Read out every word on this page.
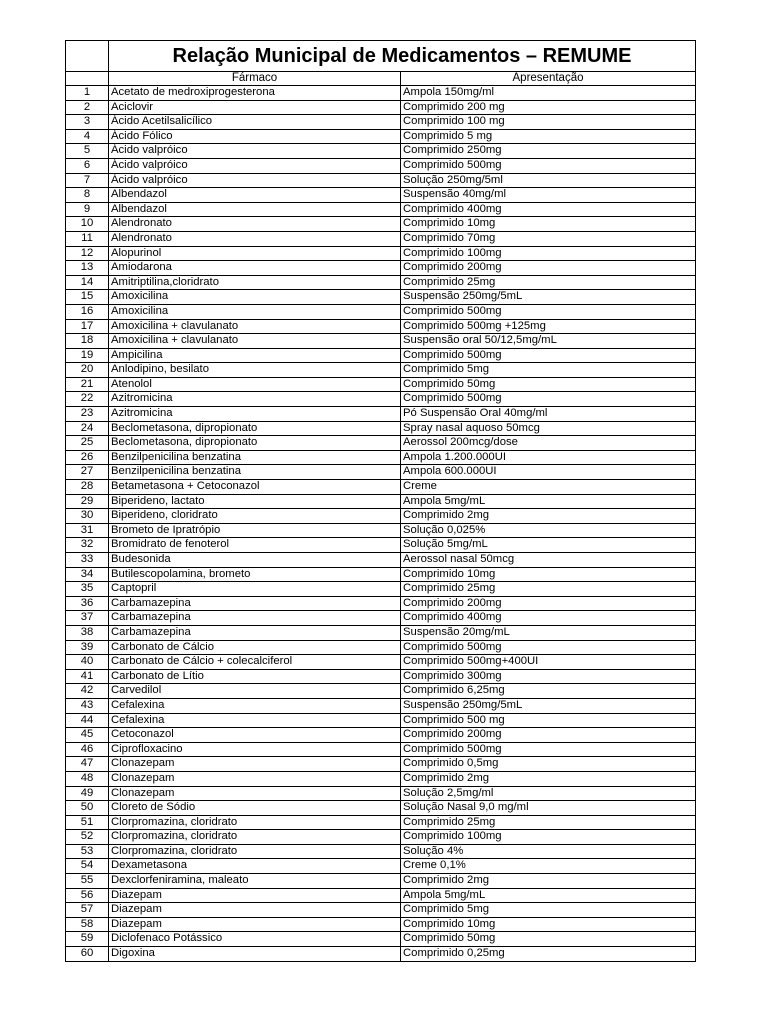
	Relação Municipal de Medicamentos – REMUME	
	Fármaco	Apresentação
1	Acetato de medroxiprogesterona	Ampola 150mg/ml
2	Aciclovir	Comprimido 200 mg
3	Ácido Acetilsalicílico	Comprimido 100 mg
4	Ácido Fólico	Comprimido 5 mg
5	Ácido valpróico	Comprimido 250mg
6	Ácido valpróico	Comprimido 500mg
7	Ácido valpróico	Solução 250mg/5ml
8	Albendazol	Suspensão 40mg/ml
9	Albendazol	Comprimido 400mg
10	Alendronato	Comprimido 10mg
11	Alendronato	Comprimido 70mg
12	Alopurinol	Comprimido 100mg
13	Amiodarona	Comprimido 200mg
14	Amitriptilina,cloridrato	Comprimido 25mg
15	Amoxicilina	Suspensão 250mg/5mL
16	Amoxicilina	Comprimido 500mg
17	Amoxicilina + clavulanato	Comprimido 500mg +125mg
18	Amoxicilina + clavulanato	Suspensão oral 50/12,5mg/mL
19	Ampicilina	Comprimido 500mg
20	Anlodipino, besilato	Comprimido 5mg
21	Atenolol	Comprimido 50mg
22	Azitromicina	Comprimido 500mg
23	Azitromicina	Pó Suspensão Oral 40mg/ml
24	Beclometasona, dipropionato	Spray nasal aquoso 50mcg
25	Beclometasona, dipropionato	Aerossol 200mcg/dose
26	Benzilpenicilina benzatina	Ampola 1.200.000UI
27	Benzilpenicilina benzatina	Ampola 600.000UI
28	Betametasona + Cetoconazol	Creme
29	Biperideno, lactato	Ampola 5mg/mL
30	Biperideno, cloridrato	Comprimido 2mg
31	Brometo de Ipratrópio	Solução 0,025%
32	Bromidrato de fenoterol	Solução 5mg/mL
33	Budesonida	Aerossol nasal 50mcg
34	Butilescopolamina, brometo	Comprimido 10mg
35	Captopril	Comprimido 25mg
36	Carbamazepina	Comprimido 200mg
37	Carbamazepina	Comprimido 400mg
38	Carbamazepina	Suspensão 20mg/mL
39	Carbonato de Cálcio	Comprimido 500mg
40	Carbonato de Cálcio + colecalciferol	Comprimido 500mg+400UI
41	Carbonato de Lítio	Comprimido 300mg
42	Carvedilol	Comprimido 6,25mg
43	Cefalexina	Suspensão 250mg/5mL
44	Cefalexina	Comprimido 500 mg
45	Cetoconazol	Comprimido 200mg
46	Ciprofloxacino	Comprimido 500mg
47	Clonazepam	Comprimido 0,5mg
48	Clonazepam	Comprimido 2mg
49	Clonazepam	Solução 2,5mg/ml
50	Cloreto de Sódio	Solução Nasal 9,0 mg/ml
51	Clorpromazina, cloridrato	Comprimido 25mg
52	Clorpromazina, cloridrato	Comprimido 100mg
53	Clorpromazina, cloridrato	Solução 4%
54	Dexametasona	Creme 0,1%
55	Dexclorfeniramina, maleato	Comprimido 2mg
56	Diazepam	Ampola 5mg/mL
57	Diazepam	Comprimido 5mg
58	Diazepam	Comprimido 10mg
59	Diclofenaco Potássico	Comprimido 50mg
60	Digoxina	Comprimido 0,25mg
